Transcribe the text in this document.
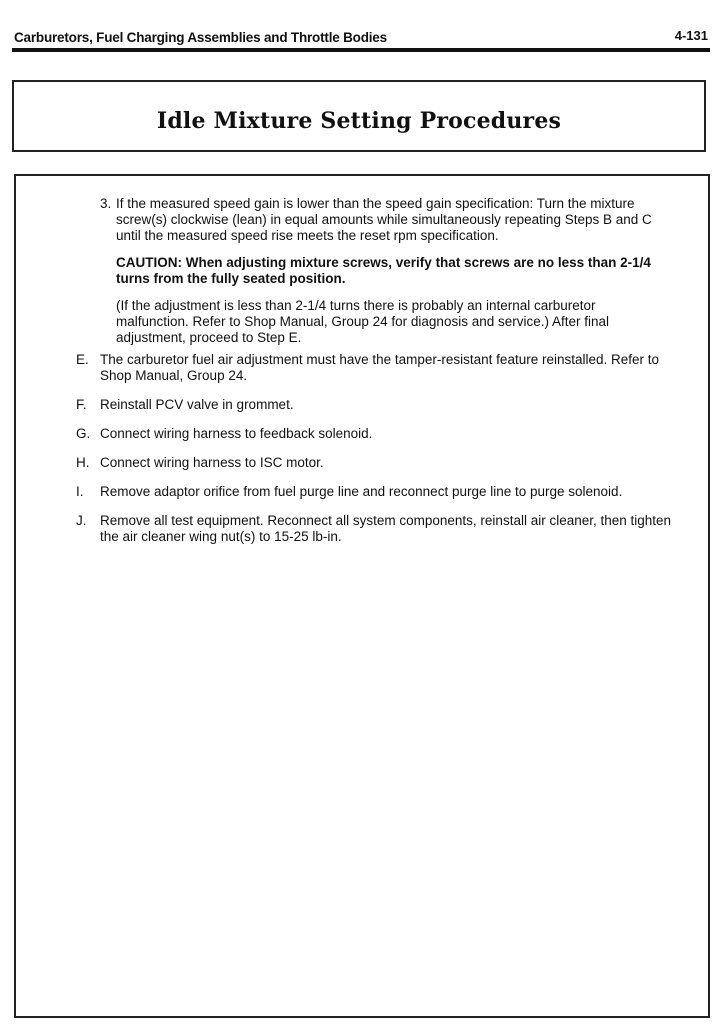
Carburetors, Fuel Charging Assemblies and Throttle Bodies	4-131
Idle Mixture Setting Procedures
3. If the measured speed gain is lower than the speed gain specification: Turn the mixture screw(s) clockwise (lean) in equal amounts while simultaneously repeating Steps B and C until the measured speed rise meets the reset rpm specification.
CAUTION: When adjusting mixture screws, verify that screws are no less than 2-1/4 turns from the fully seated position.
(If the adjustment is less than 2-1/4 turns there is probably an internal carburetor malfunction. Refer to Shop Manual, Group 24 for diagnosis and service.) After final adjustment, proceed to Step E.
E. The carburetor fuel air adjustment must have the tamper-resistant feature reinstalled. Refer to Shop Manual, Group 24.
F. Reinstall PCV valve in grommet.
G. Connect wiring harness to feedback solenoid.
H. Connect wiring harness to ISC motor.
I.	Remove adaptor orifice from fuel purge line and reconnect purge line to purge solenoid.
J. Remove all test equipment. Reconnect all system components, reinstall air cleaner, then tighten the air cleaner wing nut(s) to 15-25 lb-in.
